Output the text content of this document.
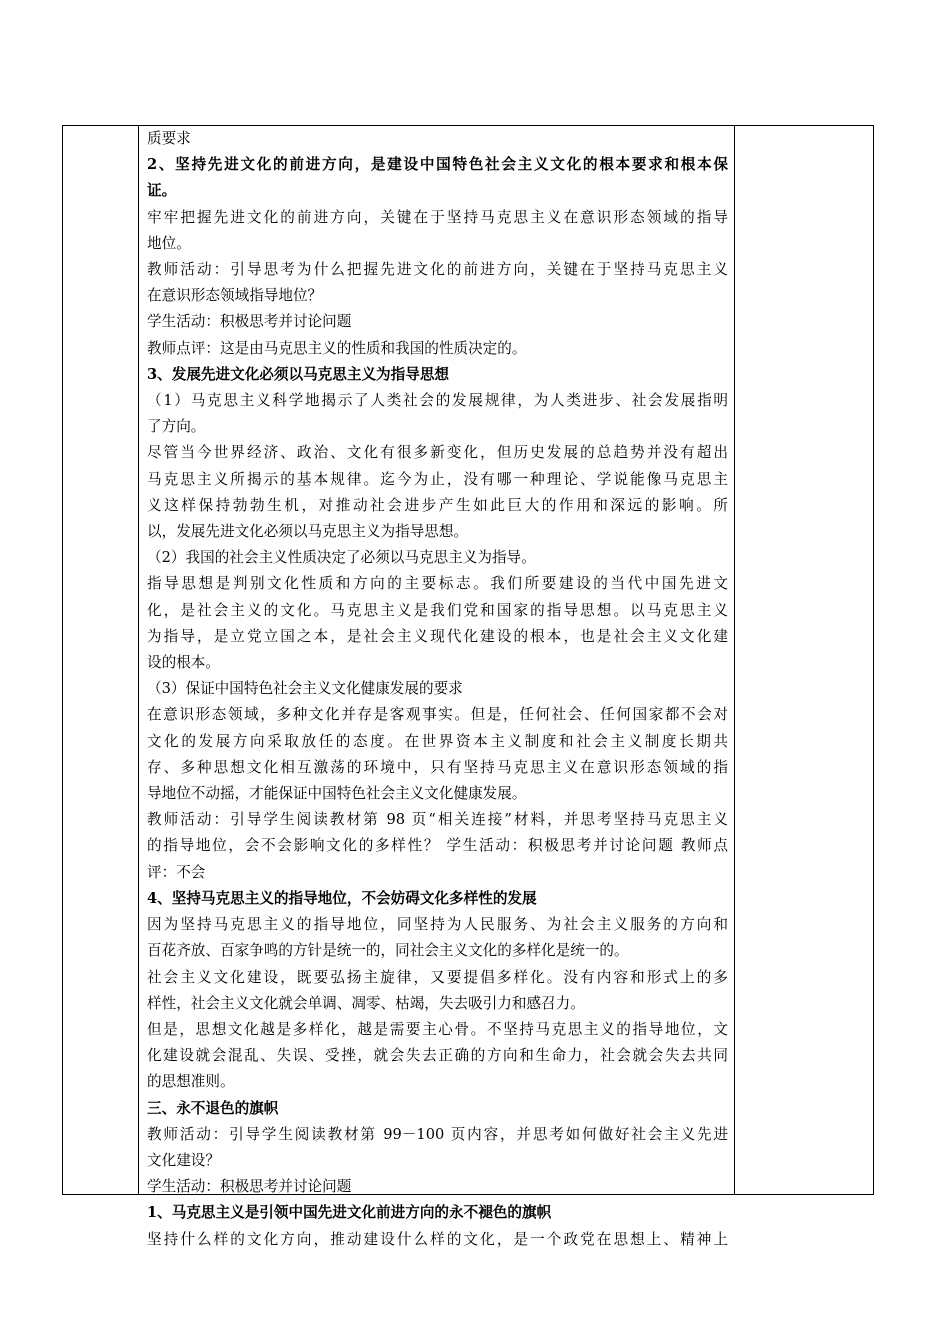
质要求
2、坚持先进文化的前进方向，是建设中国特色社会主义文化的根本要求和根本保
证。
牢牢把握先进文化的前进方向，关键在于坚持马克思主义在意识形态领域的指导
地位。
教师活动：引导思考为什么把握先进文化的前进方向，关键在于坚持马克思主义
在意识形态领域指导地位？
学生活动：积极思考并讨论问题
教师点评：这是由马克思主义的性质和我国的性质决定的。
3、发展先进文化必须以马克思主义为指导思想
（1）马克思主义科学地揭示了人类社会的发展规律，为人类进步、社会发展指明
了方向。
尽管当今世界经济、政治、文化有很多新变化，但历史发展的总趋势并没有超出
马克思主义所揭示的基本规律。迄今为止，没有哪一种理论、学说能像马克思主
义这样保持勃勃生机，对推动社会进步产生如此巨大的作用和深远的影响。所
以，发展先进文化必须以马克思主义为指导思想。
（2）我国的社会主义性质决定了必须以马克思主义为指导。
指导思想是判别文化性质和方向的主要标志。我们所要建设的当代中国先进文
化，是社会主义的文化。马克思主义是我们党和国家的指导思想。以马克思主义
为指导，是立党立国之本，是社会主义现代化建设的根本，也是社会主义文化建
设的根本。
（3）保证中国特色社会主义文化健康发展的要求
在意识形态领域，多种文化并存是客观事实。但是，任何社会、任何国家都不会对
文化的发展方向采取放任的态度。在世界资本主义制度和社会主义制度长期共
存、多种思想文化相互激荡的环境中，只有坚持马克思主义在意识形态领域的指
导地位不动摇，才能保证中国特色社会主义文化健康发展。
教师活动：引导学生阅读教材第 98 页“相关连接”材料，并思考坚持马克思主义
的指导地位，会不会影响文化的多样性？ 学生活动：积极思考并讨论问题 教师点
评：不会
4、坚持马克思主义的指导地位，不会妨碍文化多样性的发展
因为坚持马克思主义的指导地位，同坚持为人民服务、为社会主义服务的方向和
百花齐放、百家争鸣的方针是统一的，同社会主义文化的多样化是统一的。
社会主义文化建设，既要弘扬主旋律，又要提倡多样化。没有内容和形式上的多
样性，社会主义文化就会单调、凋零、枯竭，失去吸引力和感召力。
但是，思想文化越是多样化，越是需要主心骨。不坚持马克思主义的指导地位，文
化建设就会混乱、失误、受挫，就会失去正确的方向和生命力，社会就会失去共同
的思想准则。
三、永不退色的旗帜
教师活动：引导学生阅读教材第 99－100 页内容，并思考如何做好社会主义先进
文化建设？
学生活动：积极思考并讨论问题
1、马克思主义是引领中国先进文化前进方向的永不褪色的旗帜
坚持什么样的文化方向，推动建设什么样的文化，是一个政党在思想上、精神上
